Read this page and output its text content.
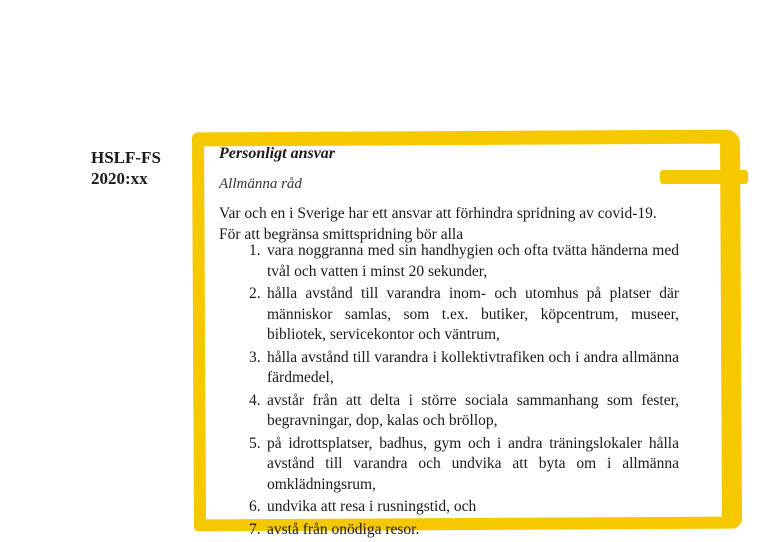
HSLF-FS
2020:xx
Personligt ansvar
Allmänna råd
Var och en i Sverige har ett ansvar att förhindra spridning av covid-19. För att begränsa smittspridning bör alla
1. vara noggranna med sin handhygien och ofta tvätta händerna med tvål och vatten i minst 20 sekunder,
2. hålla avstånd till varandra inom- och utomhus på platser där människor samlas, som t.ex. butiker, köpcentrum, museer, bibliotek, servicekontor och väntrum,
3. hålla avstånd till varandra i kollektivtrafiken och i andra allmänna färdmedel,
4. avstår från att delta i större sociala sammanhang som fester, begravningar, dop, kalas och bröllop,
5. på idrottsplatser, badhus, gym och i andra träningslokaler hålla avstånd till varandra och undvika att byta om i allmänna omklädningsrum,
6. undvika att resa i rusningstid, och
7. avstå från onödiga resor.
